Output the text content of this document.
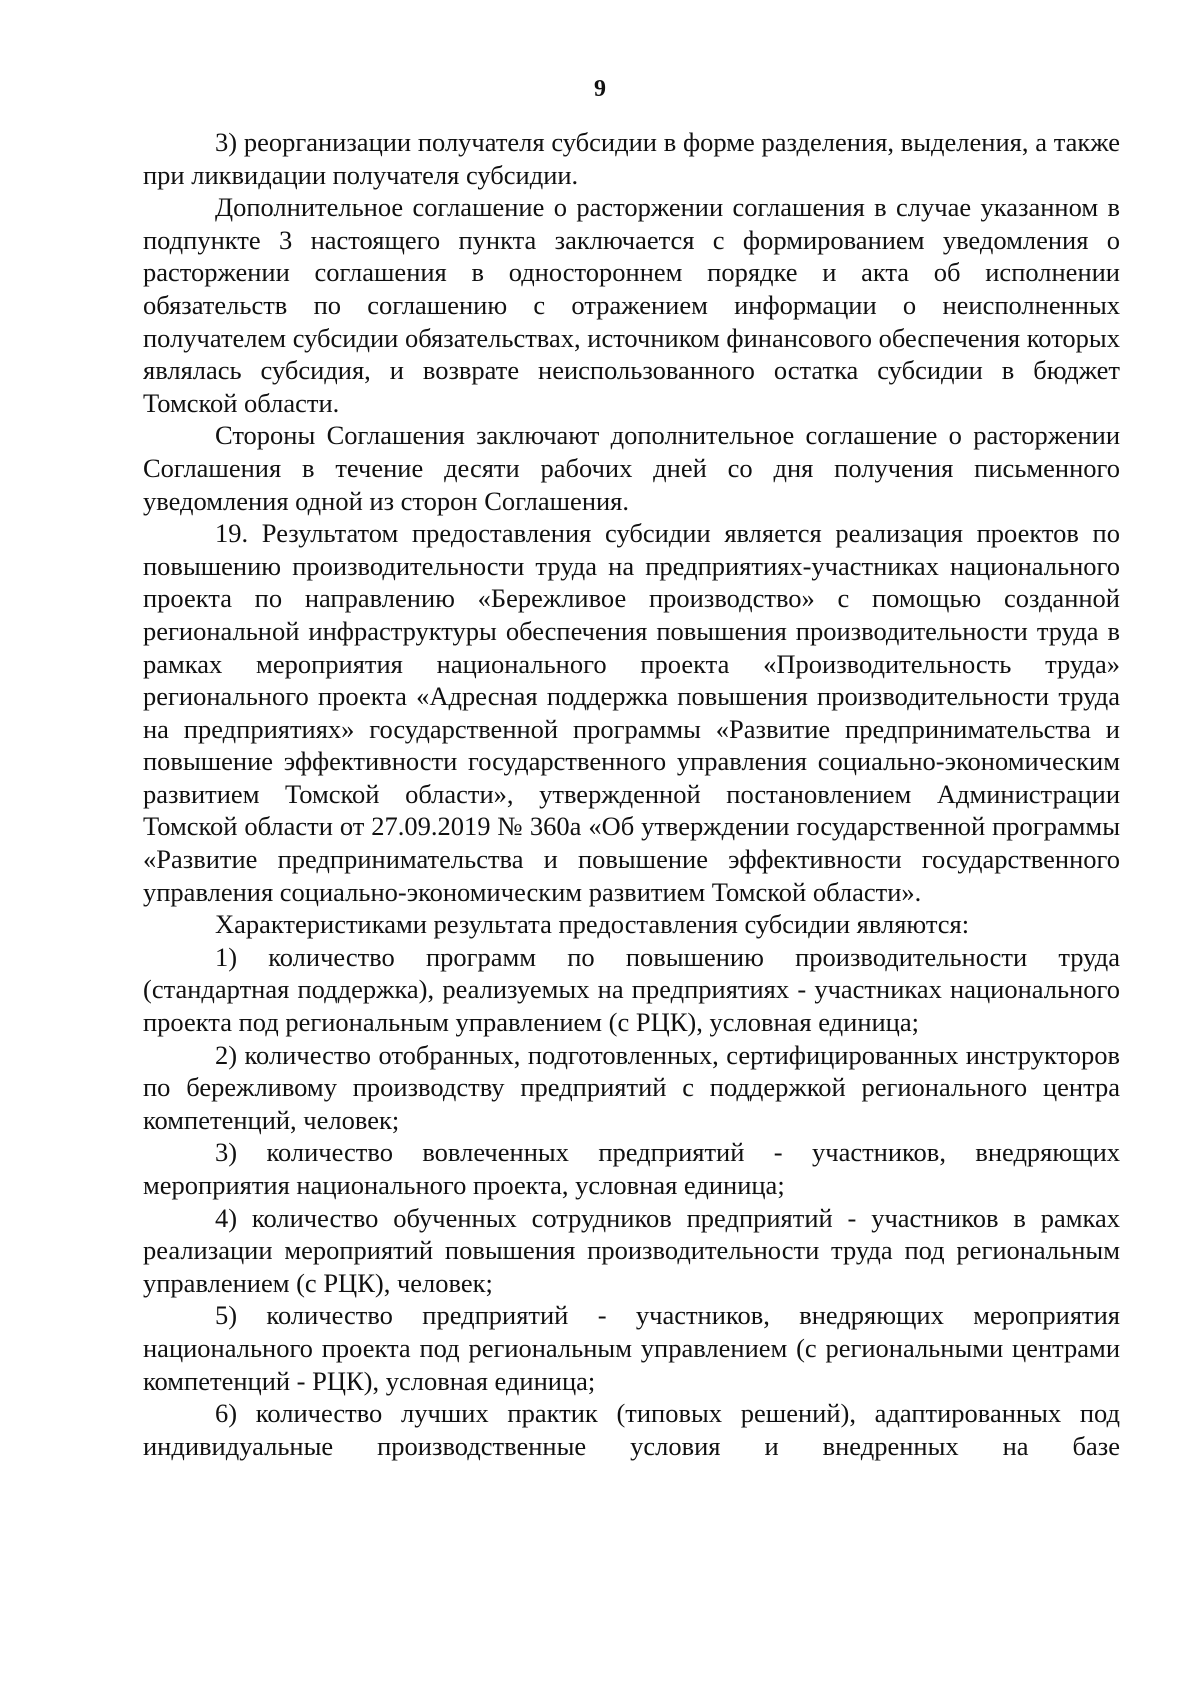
9

3) реорганизации получателя субсидии в форме разделения, выделения, а также при ликвидации получателя субсидии.

Дополнительное соглашение о расторжении соглашения в случае указанном в подпункте 3 настоящего пункта заключается с формированием уведомления о расторжении соглашения в одностороннем порядке и акта об исполнении обязательств по соглашению с отражением информации о неисполненных получателем субсидии обязательствах, источником финансового обеспечения которых являлась субсидия, и возврате неиспользованного остатка субсидии в бюджет Томской области.

Стороны Соглашения заключают дополнительное соглашение о расторжении Соглашения в течение десяти рабочих дней со дня получения письменного уведомления одной из сторон Соглашения.

19. Результатом предоставления субсидии является реализация проектов по повышению производительности труда на предприятиях-участниках национального проекта по направлению «Бережливое производство» с помощью созданной региональной инфраструктуры обеспечения повышения производительности труда в рамках мероприятия национального проекта «Производительность труда» регионального проекта «Адресная поддержка повышения производительности труда на предприятиях» государственной программы «Развитие предпринимательства и повышение эффективности государственного управления социально-экономическим развитием Томской области», утвержденной постановлением Администрации Томской области от 27.09.2019 № 360а «Об утверждении государственной программы «Развитие предпринимательства и повышение эффективности государственного управления социально-экономическим развитием Томской области».

Характеристиками результата предоставления субсидии являются:

1) количество программ по повышению производительности труда (стандартная поддержка), реализуемых на предприятиях - участниках национального проекта под региональным управлением (с РЦК), условная единица;

2) количество отобранных, подготовленных, сертифицированных инструкторов по бережливому производству предприятий с поддержкой регионального центра компетенций, человек;

3) количество вовлеченных предприятий - участников, внедряющих мероприятия национального проекта, условная единица;

4) количество обученных сотрудников предприятий - участников в рамках реализации мероприятий повышения производительности труда под региональным управлением (с РЦК), человек;

5) количество предприятий - участников, внедряющих мероприятия национального проекта под региональным управлением (с региональными центрами компетенций - РЦК), условная единица;

6) количество лучших практик (типовых решений), адаптированных под индивидуальные производственные условия и внедренных на базе
